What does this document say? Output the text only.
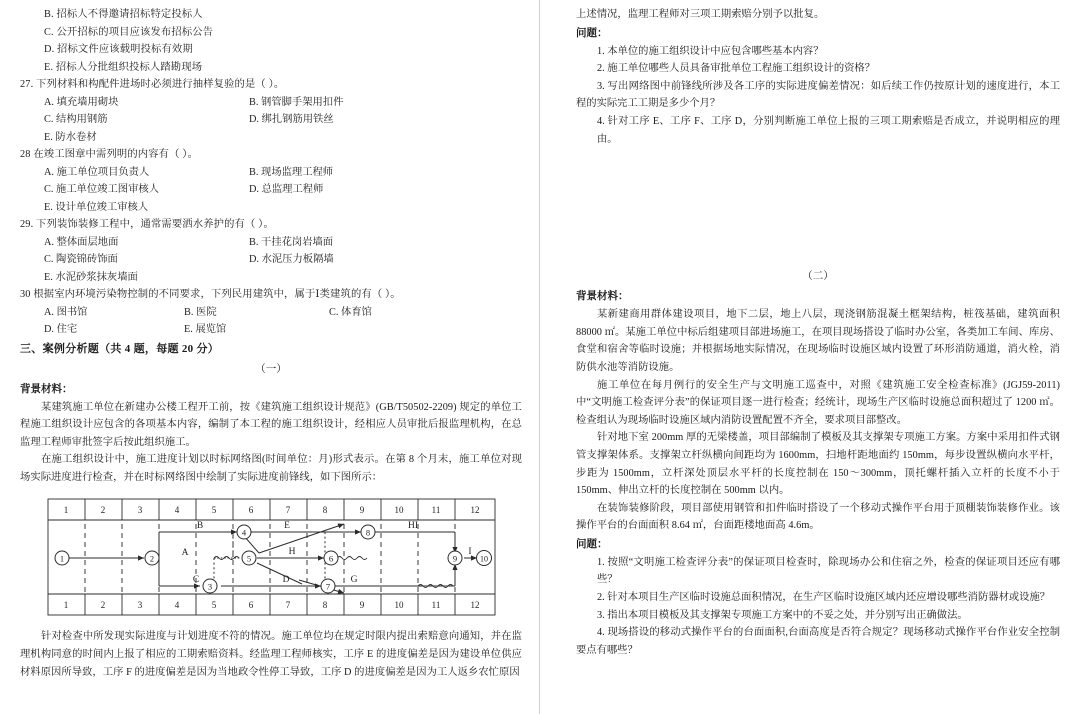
B. 招标人不得邀请招标特定投标人
C. 公开招标的项目应该发布招标公告
D. 招标文件应该载明投标有效期
E. 招标人分批组织投标人踏勘现场
27. 下列材料和构配件进场时必须进行抽样复验的是（ ）。
A. 填充墙用砌块	B. 钢管脚手架用扣件
C. 结构用钢筋	D. 绑扎钢筋用铁丝
E. 防水卷材
28 在竣工图章中需列明的内容有（ ）。
A. 施工单位项目负责人	B. 现场监理工程师
C. 施工单位竣工图审核人	D. 总监理工程师
E. 设计单位竣工审核人
29. 下列装饰装修工程中，通常需要洒水养护的有（ ）。
A. 整体面层地面	B. 干挂花岗岩墙面
C. 陶瓷锦砖饰面	D. 水泥压力板隔墙
E. 水泥砂浆抹灰墙面
30 根据室内环境污染物控制的不同要求，下列民用建筑中，属于Ⅰ类建筑的有（ ）。
A. 图书馆	B. 医院	C. 体育馆
D. 住宅	E. 展览馆
三、案例分析题（共 4 题，每题 20 分）
（一）
背景材料：
某建筑施工单位在新建办公楼工程开工前，按《建筑施工组织设计规范》(GB/T50502-2209) 规定的单位工程施工组织设计应包含的各项基本内容，编制了本工程的施工组织设计，经相应人员审批后报监理机构，在总监理工程师审批签字后按此组织施工。
在施工组织设计中，施工进度计划以时标网络图(时间单位：月)形式表示。在第 8 个月末，施工单位对现场实际进度进行检查，并在时标网络图中绘制了实际进度前锋线，如下图所示：
1	2	3	4	5	6	7	8	9	10	11	12
1	2	3	4	5	6	7	8	9	10	11	12
1	2
3
4
5	6
7
8
9	10
A
B
C
E
H
D	G
HI
I
针对检查中所发现实际进度与计划进度不符的情况。施工单位均在规定时限内提出索赔意向通知，并在监理机构同意的时间内上报了相应的工期索赔资料。经监理工程师核实，工序 E 的进度偏差是因为建设单位供应材料原因所导致，工序 F 的进度偏差是因为当地政令性停工导致，工序 D 的进度偏差是因为工人返乡农忙原因
上述情况，监理工程师对三项工期索赔分别予以批复。
问题：
1. 本单位的施工组织设计中应包含哪些基本内容？
2. 施工单位哪些人员具备审批单位工程施工组织设计的资格？
3. 写出网络图中前锋线所涉及各工序的实际进度偏差情况：如后续工作仍按原计划的速度进行，本工程的实际完工工期是多少个月？
4. 针对工序 E、工序 F、工序 D，分别判断施工单位上报的三项工期索赔是否成立，并说明相应的理由。
（二）
背景材料：
某新建商用群体建设项目，地下二层，地上八层，现浇钢筋混凝土框架结构，桩筏基础，建筑面积 88000 ㎡。某施工单位中标后组建项目部进场施工，在项目现场搭设了临时办公室，各类加工车间、库房、食堂和宿舍等临时设施；并根据场地实际情况，在现场临时设施区域内设置了环形消防通道，消火栓，消防供水池等消防设施。
施工单位在每月例行的安全生产与文明施工巡查中，对照《建筑施工安全检查标准》(JGJ59-2011)中“文明施工检查评分表”的保证项目逐一进行检查；经统计，现场生产区临时设施总面积超过了 1200 ㎡。检查组认为现场临时设施区域内消防设置配置不齐全，要求项目部整改。
针对地下室 200mm 厚的无梁楼盖，项目部编制了模板及其支撑架专项施工方案。方案中采用扣件式钢管支撑架体系。支撑架立杆纵横向间距均为 1600mm，扫地杆距地面约 150mm，每步设置纵横向水平杆，步距为 1500mm，立杆深处顶层水平杆的长度控制在 150～300mm，顶托螺杆插入立杆的长度不小于 150mm、伸出立杆的长度控制在 500mm 以内。
在装饰装修阶段，项目部使用钢管和扣件临时搭设了一个移动式操作平台用于顶棚装饰装修作业。该操作平台的台面面积 8.64 ㎡，台面距楼地面高 4.6m。
问题：
1. 按照“文明施工检查评分表”的保证项目检查时，除现场办公和住宿之外，检查的保证项目还应有哪些？
2. 针对本项目生产区临时设施总面积情况，在生产区临时设施区域内还应增设哪些消防器材或设施？
3. 指出本项目模板及其支撑架专项施工方案中的不妥之处，并分别写出正确做法。
4. 现场搭设的移动式操作平台的台面面积,台面高度是否符合规定？现场移动式操作平台作业安全控制要点有哪些？
